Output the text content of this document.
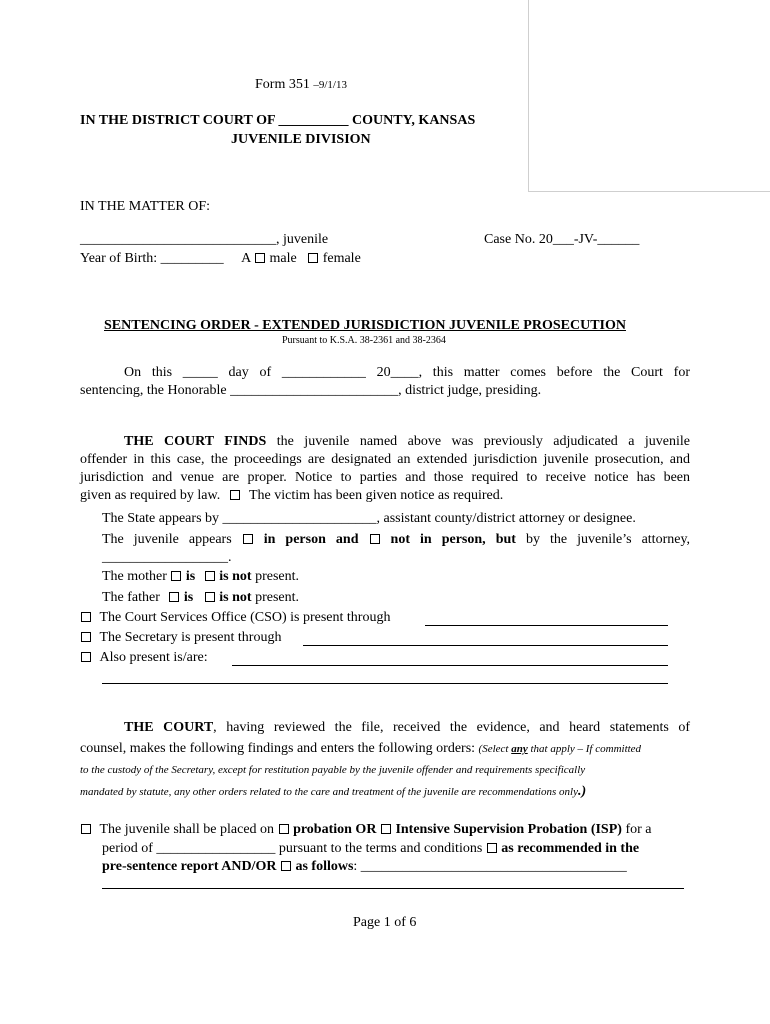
Form 351 –9/1/13
IN THE DISTRICT COURT OF __________ COUNTY, KANSAS
JUVENILE DIVISION
IN THE MATTER OF:
____________________________, juvenile	Case No. 20___-JV-______
Year of Birth: _________ A male female
SENTENCING ORDER - EXTENDED JURISDICTION JUVENILE PROSECUTION
Pursuant to K.S.A. 38-2361 and 38-2364
On this _____ day of ____________ 20____, this matter comes before the Court for
sentencing, the Honorable ________________________, district judge, presiding.
THE COURT FINDS the juvenile named above was previously adjudicated a juvenile
offender in this case, the proceedings are designated an extended jurisdiction juvenile prosecution, and
jurisdiction and venue are proper. Notice to parties and those required to receive notice has been
given as required by law. The victim has been given notice as required.
The State appears by ______________________, assistant county/district attorney or designee.
The juvenile appears in person and not in person, but by the juvenile’s attorney,
__________________.
The mother is is not present.
The father is is not present.
The Court Services Office (CSO) is present through
The Secretary is present through
Also present is/are:
THE COURT, having reviewed the file, received the evidence, and heard statements of
counsel, makes the following findings and enters the following orders: (Select any that apply – If committed
to the custody of the Secretary, except for restitution payable by the juvenile offender and requirements specifically
mandated by statute, any other orders related to the care and treatment of the juvenile are recommendations only.)
The juvenile shall be placed on probation OR Intensive Supervision Probation (ISP) for a
period of _________________ pursuant to the terms and conditions as recommended in the
pre-sentence report AND/OR as follows: ______________________________________
Page 1 of 6
